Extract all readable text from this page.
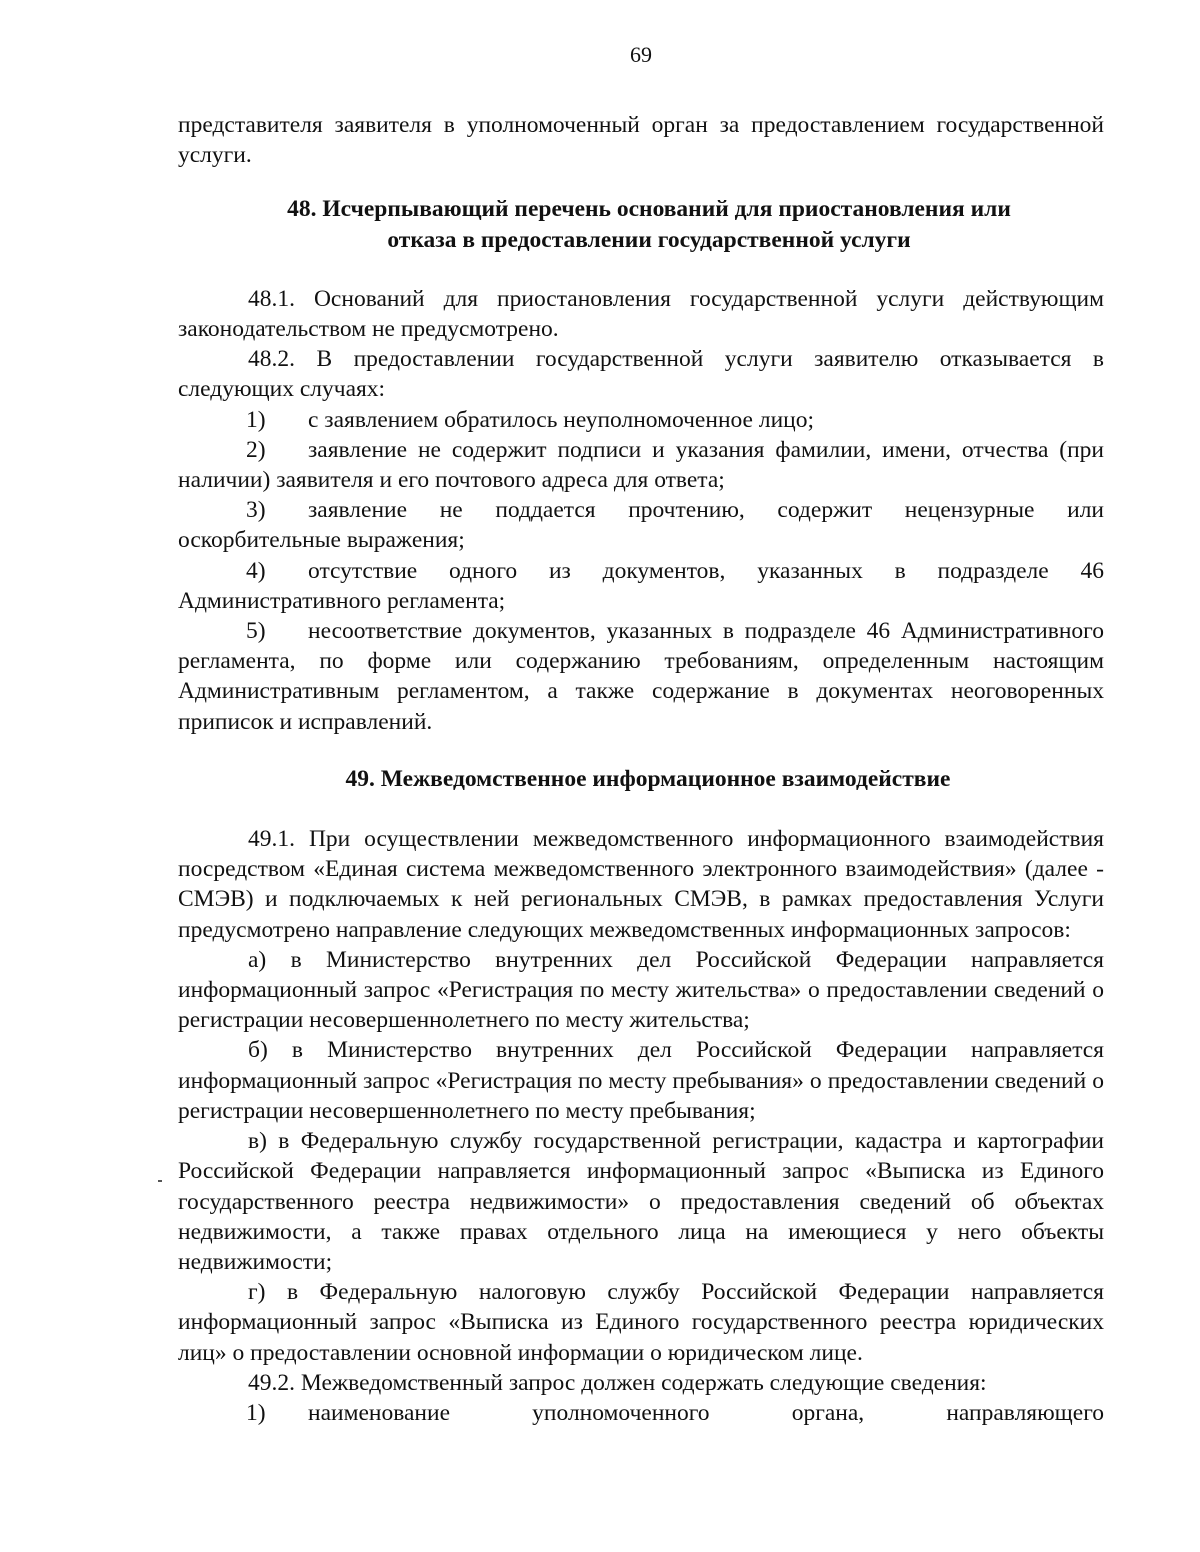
69

представителя заявителя в уполномоченный орган за предоставлением государственной услуги.

48. Исчерпывающий перечень оснований для приостановления или
отказа в предоставлении государственной услуги

48.1. Оснований для приостановления государственной услуги действующим законодательством не предусмотрено.

48.2. В предоставлении государственной услуги заявителю отказывается в следующих случаях:

1) с заявлением обратилось неуполномоченное лицо;

2) заявление не содержит подписи и указания фамилии, имени, отчества (при наличии) заявителя и его почтового адреса для ответа;

3) заявление не поддается прочтению, содержит нецензурные или оскорбительные выражения;

4) отсутствие одного из документов, указанных в подразделе 46 Административного регламента;

5) несоответствие документов, указанных в подразделе 46 Административного регламента, по форме или содержанию требованиям, определенным настоящим Административным регламентом, а также содержание в документах неоговоренных приписок и исправлений.

49. Межведомственное информационное взаимодействие

49.1. При осуществлении межведомственного информационного взаимодействия посредством «Единая система межведомственного электронного взаимодействия» (далее - СМЭВ) и подключаемых к ней региональных СМЭВ, в рамках предоставления Услуги предусмотрено направление следующих межведомственных информационных запросов:

а) в Министерство внутренних дел Российской Федерации направляется информационный запрос «Регистрация по месту жительства» о предоставлении сведений о регистрации несовершеннолетнего по месту жительства;

б) в Министерство внутренних дел Российской Федерации направляется информационный запрос «Регистрация по месту пребывания» о предоставлении сведений о регистрации несовершеннолетнего по месту пребывания;

в) в Федеральную службу государственной регистрации, кадастра и картографии Российской Федерации направляется информационный запрос «Выписка из Единого государственного реестра недвижимости» о предоставления сведений об объектах недвижимости, а также правах отдельного лица на имеющиеся у него объекты недвижимости;

г) в Федеральную налоговую службу Российской Федерации направляется информационный запрос «Выписка из Единого государственного реестра юридических лиц» о предоставлении основной информации о юридическом лице.

49.2. Межведомственный запрос должен содержать следующие сведения:

1) наименование уполномоченного органа, направляющего
